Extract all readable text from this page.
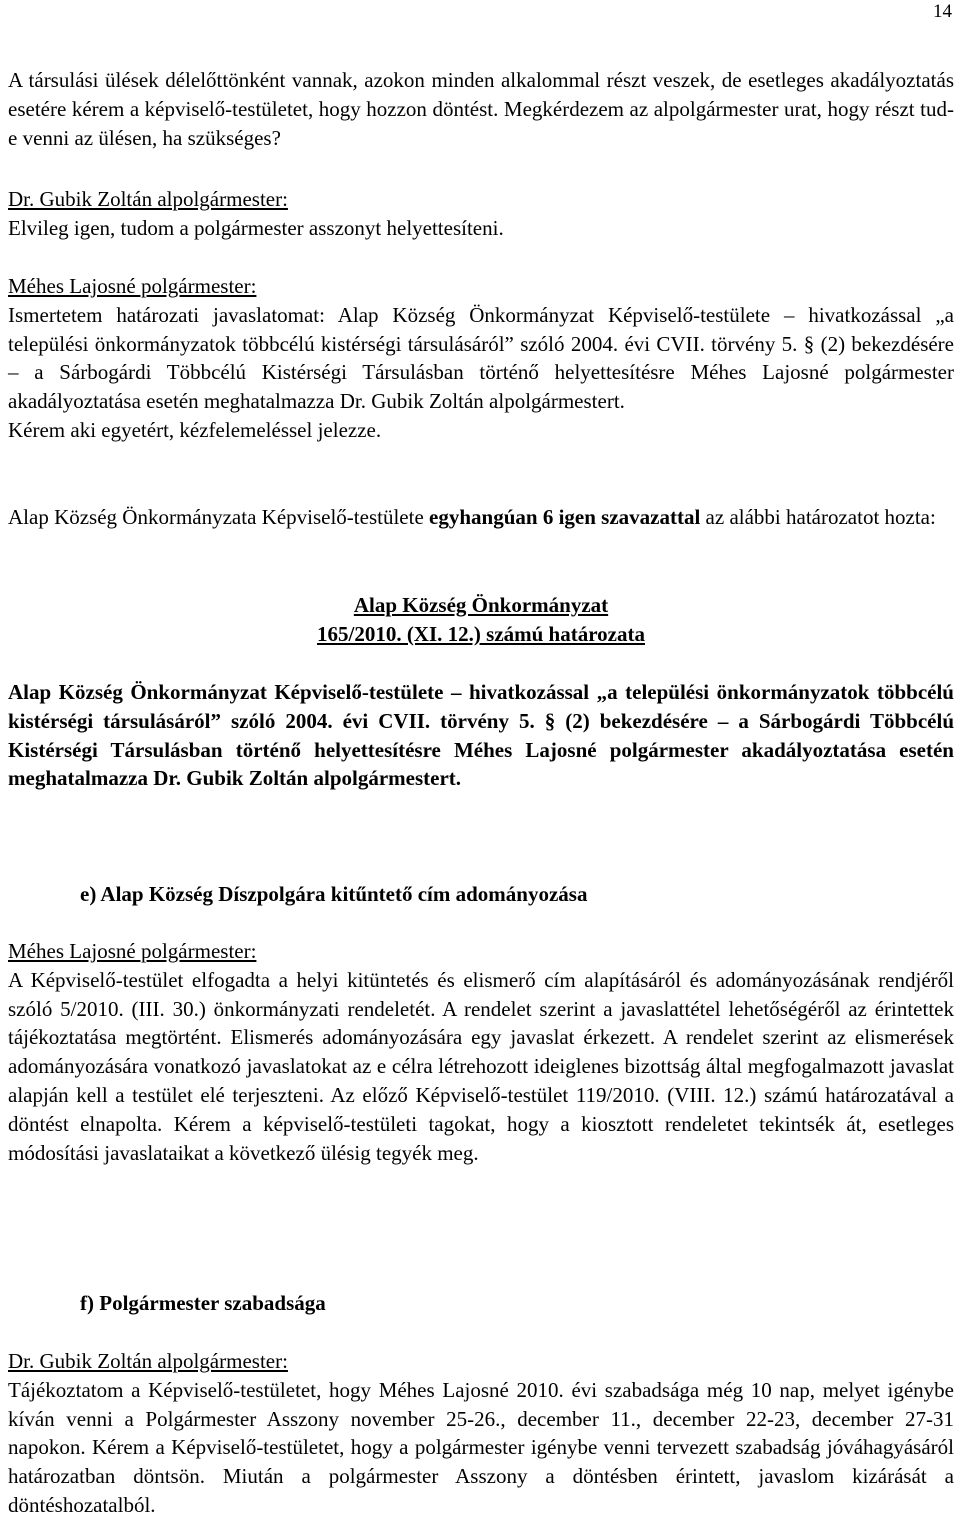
14

A társulási ülések délelőttönként vannak, azokon minden alkalommal részt veszek, de esetleges akadályoztatás esetére kérem a képviselő-testületet, hogy hozzon döntést. Megkérdezem az alpolgármester urat, hogy részt tud-e venni az ülésen, ha szükséges?

Dr. Gubik Zoltán alpolgármester:

Elvileg igen, tudom a polgármester asszonyt helyettesíteni.

Méhes Lajosné polgármester:

Ismertetem határozati javaslatomat: Alap Község Önkormányzat Képviselő-testülete – hivatkozással „a települési önkormányzatok többcélú kistérségi társulásáról” szóló 2004. évi CVII. törvény 5. § (2) bekezdésére – a Sárbogárdi Többcélú Kistérségi Társulásban történő helyettesítésre Méhes Lajosné polgármester akadályoztatása esetén meghatalmazza Dr. Gubik Zoltán alpolgármestert.

Kérem aki egyetért, kézfelemeléssel jelezze.

Alap Község Önkormányzata Képviselő-testülete egyhangúan 6 igen szavazattal az alábbi határozatot hozta:

Alap Község Önkormányzat

165/2010. (XI. 12.) számú határozata

Alap Község Önkormányzat Képviselő-testülete – hivatkozással „a települési önkormányzatok többcélú kistérségi társulásáról” szóló 2004. évi CVII. törvény 5. § (2) bekezdésére – a Sárbogárdi Többcélú Kistérségi Társulásban történő helyettesítésre Méhes Lajosné polgármester akadályoztatása esetén meghatalmazza Dr. Gubik Zoltán alpolgármestert.

e) Alap Község Díszpolgára kitűntető cím adományozása

Méhes Lajosné polgármester:

A Képviselő-testület elfogadta a helyi kitüntetés és elismerő cím alapításáról és adományozásának rendjéről szóló 5/2010. (III. 30.) önkormányzati rendeletét. A rendelet szerint a javaslattétel lehetőségéről az érintettek tájékoztatása megtörtént. Elismerés adományozására egy javaslat érkezett. A rendelet szerint az elismerések adományozására vonatkozó javaslatokat az e célra létrehozott ideiglenes bizottság által megfogalmazott javaslat alapján kell a testület elé terjeszteni. Az előző Képviselő-testület 119/2010. (VIII. 12.) számú határozatával a döntést elnapolta. Kérem a képviselő-testületi tagokat, hogy a kiosztott rendeletet tekintsék át, esetleges módosítási javaslataikat a következő ülésig tegyék meg.

f) Polgármester szabadsága

Dr. Gubik Zoltán alpolgármester:

Tájékoztatom a Képviselő-testületet, hogy Méhes Lajosné 2010. évi szabadsága még 10 nap, melyet igénybe kíván venni a Polgármester Asszony november 25-26., december 11., december 22-23, december 27-31 napokon. Kérem a Képviselő-testületet, hogy a polgármester igénybe venni tervezett szabadság jóváhagyásáról határozatban döntsön. Miután a polgármester Asszony a döntésben érintett, javaslom kizárását a döntéshozatalból.
